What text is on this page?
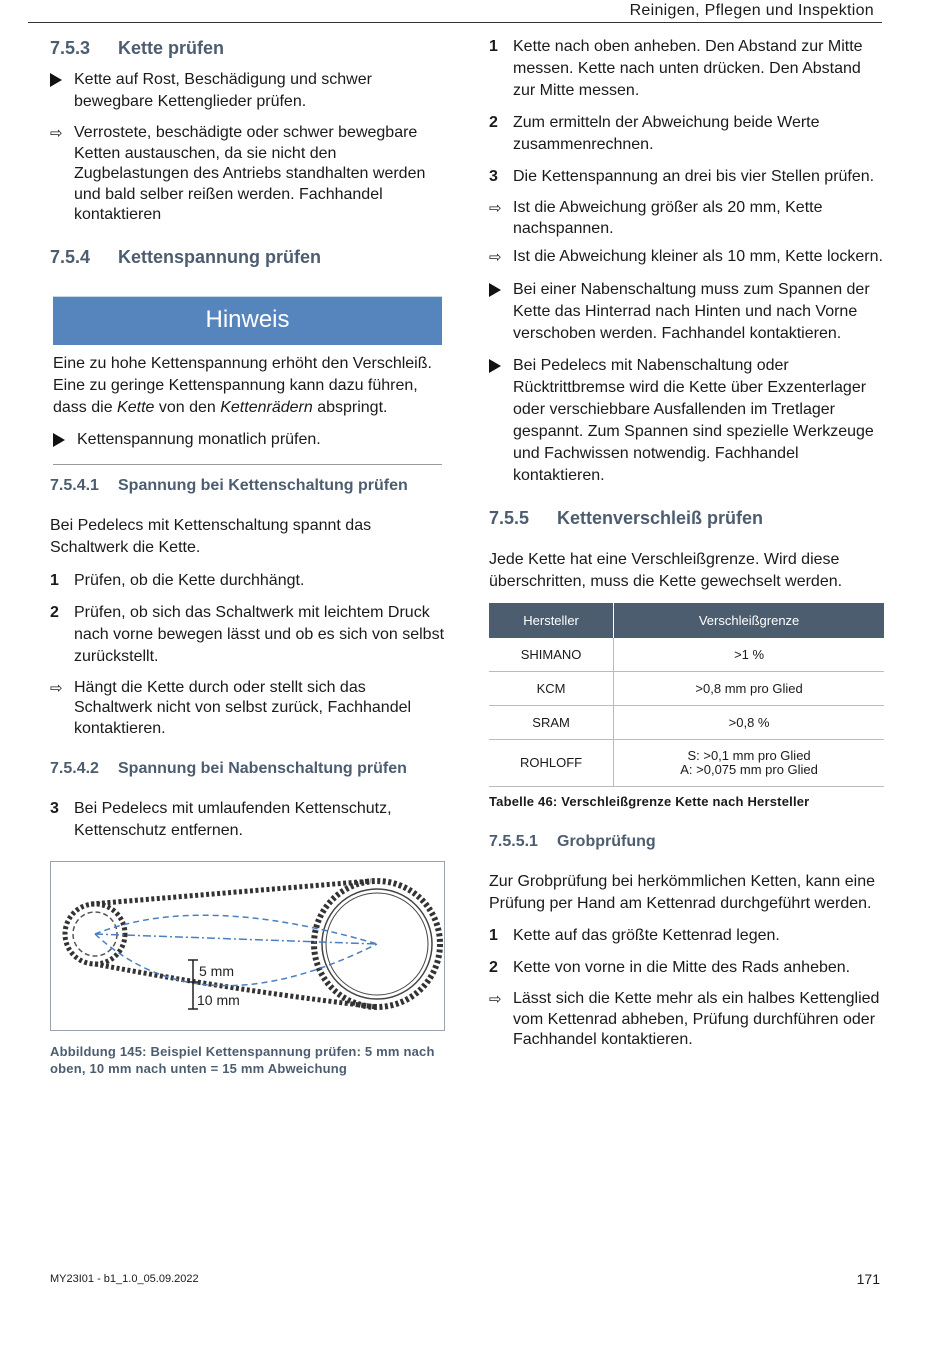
Reinigen, Pflegen und Inspektion
7.5.3	Kette prüfen
Kette auf Rost, Beschädigung und schwer bewegbare Kettenglieder prüfen.
⇨ Verrostete, beschädigte oder schwer bewegbare Ketten austauschen, da sie nicht den Zugbelastungen des Antriebs standhalten werden und bald selber reißen werden. Fachhandel kontaktieren
7.5.4	Kettenspannung prüfen
Hinweis

Eine zu hohe Kettenspannung erhöht den Verschleiß. Eine zu geringe Kettenspannung kann dazu führen, dass die Kette von den Kettenrädern abspringt.

Kettenspannung monatlich prüfen.
7.5.4.1	Spannung bei Kettenschaltung prüfen

Bei Pedelecs mit Kettenschaltung spannt das Schaltwerk die Kette.

1 Prüfen, ob die Kette durchhängt.
2 Prüfen, ob sich das Schaltwerk mit leichtem Druck nach vorne bewegen lässt und ob es sich von selbst zurückstellt.
⇨ Hängt die Kette durch oder stellt sich das Schaltwerk nicht von selbst zurück, Fachhandel kontaktieren.
7.5.4.2	Spannung bei Nabenschaltung prüfen
3 Bei Pedelecs mit umlaufenden Kettenschutz, Kettenschutz entfernen.
5 mm
10 mm
Abbildung 145: Beispiel Kettenspannung prüfen: 5 mm nach oben, 10 mm nach unten = 15 mm Abweichung
1 Kette nach oben anheben. Den Abstand zur Mitte messen. Kette nach unten drücken. Den Abstand zur Mitte messen.
2 Zum ermitteln der Abweichung beide Werte zusammenrechnen.
3 Die Kettenspannung an drei bis vier Stellen prüfen.
⇨ Ist die Abweichung größer als 20 mm, Kette nachspannen.
⇨ Ist die Abweichung kleiner als 10 mm, Kette lockern.
Bei einer Nabenschaltung muss zum Spannen der Kette das Hinterrad nach Hinten und nach Vorne verschoben werden. Fachhandel kontaktieren.
Bei Pedelecs mit Nabenschaltung oder Rücktrittbremse wird die Kette über Exzenterlager oder verschiebbare Ausfallenden im Tretlager gespannt. Zum Spannen sind spezielle Werkzeuge und Fachwissen notwendig. Fachhandel kontaktieren.
7.5.5	Kettenverschleiß prüfen

Jede Kette hat eine Verschleißgrenze. Wird diese überschritten, muss die Kette gewechselt werden.

Hersteller	Verschleißgrenze
SHIMANO	>1 %
KCM	>0,8 mm pro Glied
SRAM	>0,8 %
ROHLOFF	S: >0,1 mm pro Glied
A: >0,075 mm pro Glied
Tabelle 46: Verschleißgrenze Kette nach Hersteller
7.5.5.1	Grobprüfung

Zur Grobprüfung bei herkömmlichen Ketten, kann eine Prüfung per Hand am Kettenrad durchgeführt werden.

1 Kette auf das größte Kettenrad legen.
2 Kette von vorne in die Mitte des Rads anheben.
⇨ Lässt sich die Kette mehr als ein halbes Kettenglied vom Kettenrad abheben, Prüfung durchführen oder Fachhandel kontaktieren.
MY23I01 - b1_1.0_05.09.2022	171
